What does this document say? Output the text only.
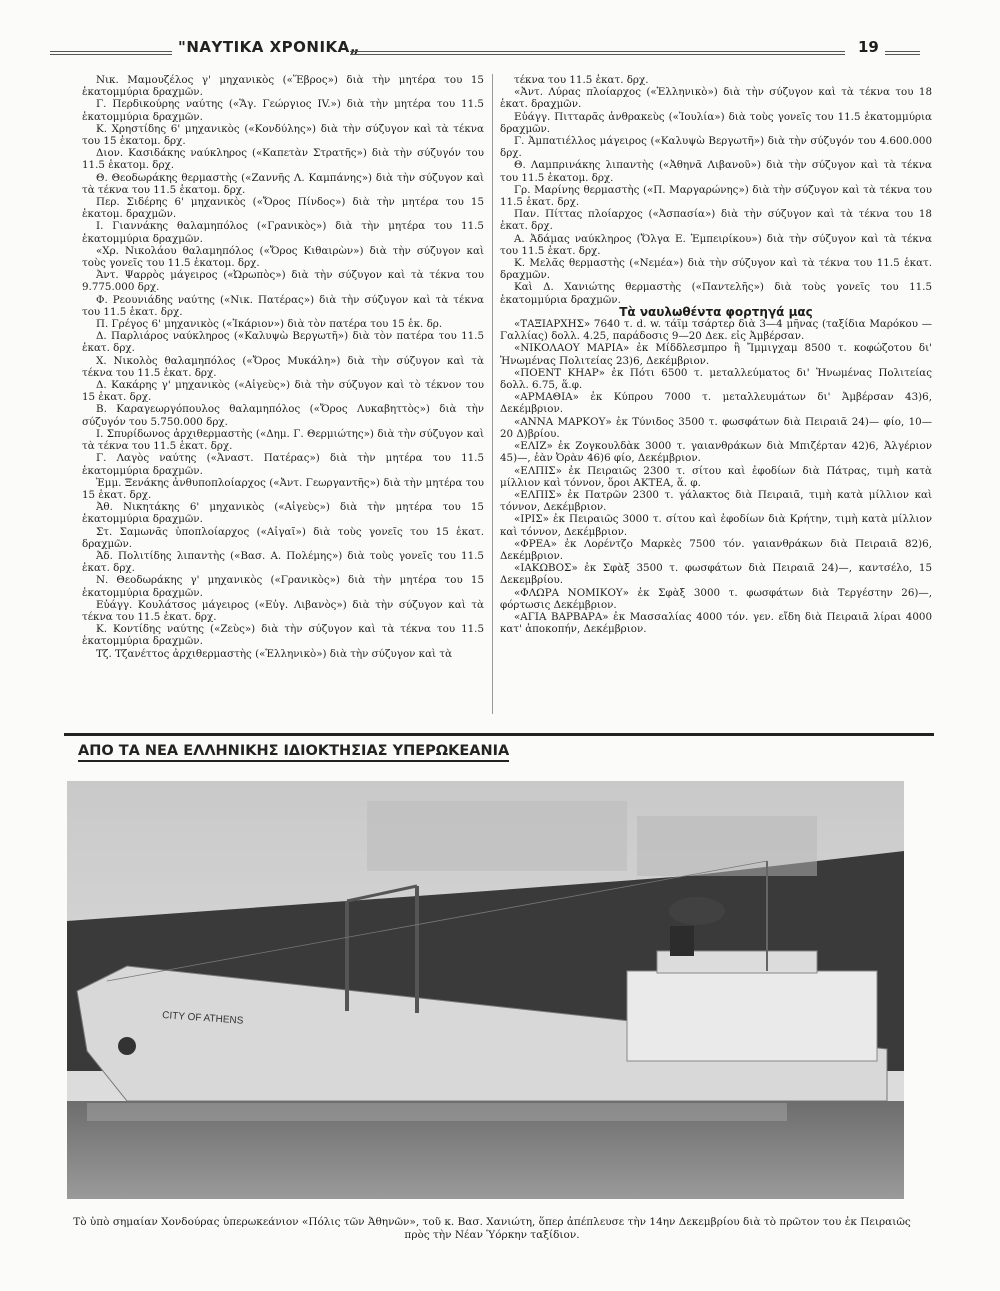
"ΝΑΥΤΙΚΑ ΧΡΟΝΙΚΑ„	19

Νικ. Μαμουζέλος γ' μηχανικὸς («Ἕβρος») διὰ τὴν μητέρα του 15 ἑκατομμύρια δραχμῶν.

Γ. Περδικούρης ναύτης («Ἅγ. Γεώργιος IV.») διὰ τὴν μητέρα του 11.5 ἑκατομμύρια δραχμῶν.

Κ. Χρηστίδης 6' μηχανικὸς («Κονδύλης») διὰ τὴν σύζυγον καὶ τὰ τέκνα του 15 ἑκατομ. δρχ.

Διον. Κασιδάκης ναύκληρος («Καπετὰν Στρατῆς») διὰ τὴν σύζυγόν του 11.5 ἑκατομ. δρχ.

Θ. Θεοδωράκης θερμαστὴς («Ζαννῆς Λ. Καμπάνης») διὰ τὴν σύζυγον καὶ τὰ τέκνα του 11.5 ἑκατομ. δρχ.

Περ. Σιδέρης 6' μηχανικὸς («Ὄρος Πίνδος») διὰ τὴν μητέρα του 15 ἑκατομ. δραχμῶν.

Ι. Γιαννάκης θαλαμηπόλος («Γρανικὸς») διὰ τὴν μητέρα του 11.5 ἑκατομμύρια δραχμῶν.

«Χρ. Νικολάου θαλαμηπόλος («Ὄρος Κιθαιρὼν») διὰ τὴν σύζυγον καὶ τοὺς γονεῖς του 11.5 ἑκατομ. δρχ.

Ἀντ. Ψαρρὸς μάγειρος («Ὠρωπὸς») διὰ τὴν σύζυγον καὶ τὰ τέκνα του 9.775.000 δρχ.

Φ. Ρεουνιάδης ναύτης («Νικ. Πατέρας») διὰ τὴν σύζυγον καὶ τὰ τέκνα του 11.5 ἑκατ. δρχ.

Π. Γρέγος 6' μηχανικὸς («Ἰκάριον») διὰ τὸν πατέρα του 15 ἑκ. δρ.

Δ. Παρλιάρος ναύκληρος («Καλυψὼ Βεργωτῆ») διὰ τὸν πατέρα του 11.5 ἑκατ. δρχ.

Χ. Νικολὸς θαλαμηπόλος («Ὄρος Μυκάλη») διὰ τὴν σύζυγον καὶ τὰ τέκνα του 11.5 ἑκατ. δρχ.

Δ. Κακάρης γ' μηχανικὸς («Αἰγεὺς») διὰ τὴν σύζυγον καὶ τὸ τέκνον του 15 ἑκατ. δρχ.

Β. Καραγεωργόπουλος θαλαμηπόλος («Ὄρος Λυκαβηττὸς») διὰ τὴν σύζυγόν του 5.750.000 δρχ.

Ι. Σπυρίδωνος ἀρχιθερμαστὴς («Δημ. Γ. Θερμιώτης») διὰ τὴν σύζυγον καὶ τὰ τέκνα του 11.5 ἑκατ. δρχ.

Γ. Λαγὸς ναύτης («Ἀναστ. Πατέρας») διὰ τὴν μητέρα του 11.5 ἑκατομμύρια δραχμῶν.

Ἐμμ. Ξενάκης ἀνθυποπλοίαρχος («Ἀντ. Γεωργαντῆς») διὰ τὴν μητέρα του 15 ἑκατ. δρχ.

Ἀθ. Νικητάκης 6' μηχανικὸς («Αἰγεὺς») διὰ τὴν μητέρα του 15 ἑκατομμύρια δραχμῶν.

Στ. Σαμωνᾶς ὑποπλοίαρχος («Αἰγαῖ») διὰ τοὺς γονεῖς του 15 ἑκατ. δραχμῶν.

Ἀδ. Πολιτίδης λιπαντὴς («Βασ. Α. Πολέμης») διὰ τοὺς γονεῖς του 11.5 ἑκατ. δρχ.

Ν. Θεοδωράκης γ' μηχανικὸς («Γρανικὸς») διὰ τὴν μητέρα του 15 ἑκατομμύρια δραχμῶν.

Εὐάγγ. Κουλάτσος μάγειρος («Εὐγ. Λιβανὸς») διὰ τὴν σύζυγον καὶ τὰ τέκνα του 11.5 ἑκατ. δρχ.

Κ. Κοντίδης ναύτης («Ζεὺς») διὰ τὴν σύζυγον καὶ τὰ τέκνα του 11.5 ἑκατομμύρια δραχμῶν.

Τζ. Τζανέττος ἀρχιθερμαστὴς («Ἑλληνικὸ») διὰ τὴν σύζυγον καὶ τὰ

τέκνα του 11.5 ἑκατ. δρχ.

«Ἀντ. Λύρας πλοίαρχος («Ἑλληνικὸ») διὰ τὴν σύζυγον καὶ τὰ τέκνα του 18 ἑκατ. δραχμῶν.

Εὐάγγ. Πιτταρᾶς ἀνθρακεὺς («Ἰουλία») διὰ τοὺς γονεῖς του 11.5 ἑκατομμύρια δραχμῶν.

Γ. Ἀμπατιέλλος μάγειρος («Καλυψὼ Βεργωτῆ») διὰ τὴν σύζυγόν του 4.600.000 δρχ.

Θ. Λαμπρινάκης λιπαντὴς («Ἀθηνᾶ Λιβανοῦ») διὰ τὴν σύζυγον καὶ τὰ τέκνα του 11.5 ἑκατομ. δρχ.

Γρ. Μαρίνης θερμαστὴς («Π. Μαργαρώνης») διὰ τὴν σύζυγον καὶ τὰ τέκνα του 11.5 ἑκατ. δρχ.

Παν. Πίττας πλοίαρχος («Ἀσπασία») διὰ τὴν σύζυγον καὶ τὰ τέκνα του 18 ἑκατ. δρχ.

Α. Ἀδάμας ναύκληρος (Ὄλγα Ε. Ἐμπειρίκου») διὰ τὴν σύζυγον καὶ τὰ τέκνα του 11.5 ἑκατ. δρχ.

Κ. Μελᾶς θερμαστὴς («Νεμέα») διὰ τὴν σύζυγον καὶ τὰ τέκνα του 11.5 ἑκατ. δραχμῶν.

Καὶ Δ. Χανιώτης θερμαστὴς («Παντελῆς») διὰ τοὺς γονεῖς του 11.5 ἑκατομμύρια δραχμῶν.

Τὰ ναυλωθέντα φορτηγά μας

«ΤΑΞΙΑΡΧΗΣ» 7640 τ. d. w. τάϊμ τσάρτερ διὰ 3—4 μῆνας (ταξίδια Μαρόκου — Γαλλίας) δολλ. 4.25, παράδοσις 9—20 Δεκ. εἰς Ἀμβέρσαν.

«ΝΙΚΟΛΑΟΥ ΜΑΡΙΑ» ἐκ Μίδδλεσμπρο ἢ Ἴμμιγχαμ 8500 τ. κοφώζοτου δι' Ἡνωμένας Πολιτείας 23)6, Δεκέμβριον.

«ΠΟΕΝΤ ΚΗΑΡ» ἐκ Πότι 6500 τ. μεταλλεύματος δι' Ἡνωμένας Πολιτείας δολλ. 6.75, ἅ.φ.

«ΑΡΜΑΘΙΑ» ἐκ Κύπρου 7000 τ. μεταλλευμάτων δι' Ἀμβέρσαν 43)6, Δεκέμβριον.

«ΑΝΝΑ ΜΑΡΚΟΥ» ἐκ Τύνιδος 3500 τ. φωσφάτων διὰ Πειραιᾶ 24)— φίο, 10—20 Δ)βρίου.

«ΕΛΙΖ» ἐκ Ζογκουλδὰκ 3000 τ. γαιανθράκων διὰ Μπιζέρταν 42)6, Ἀλγέριον 45)—, ἐὰν Ὀρὰν 46)6 φίο, Δεκέμβριον.

«ΕΛΠΙΣ» ἐκ Πειραιῶς 2300 τ. σίτου καὶ ἐφοδίων διὰ Πάτρας, τιμὴ κατὰ μίλλιον καὶ τόννον, ὅροι ΑΚΤΕΑ, ἅ. φ.

«ΕΛΠΙΣ» ἐκ Πατρῶν 2300 τ. γάλακτος διὰ Πειραιᾶ, τιμὴ κατὰ μίλλιον καὶ τόννον, Δεκέμβριον.

«ΙΡΙΣ» ἐκ Πειραιῶς 3000 τ. σίτου καὶ ἐφοδίων διὰ Κρήτην, τιμὴ κατὰ μίλλιον καὶ τόννον, Δεκέμβριον.

«ΦΡΕΑ» ἐκ Λορέντζο Μαρκὲς 7500 τόν. γαιανθράκων διὰ Πειραιᾶ 82)6, Δεκέμβριον.

«ΙΑΚΩΒΟΣ» ἐκ Σφὰξ 3500 τ. φωσφάτων διὰ Πειραιᾶ 24)—, καντσέλο, 15 Δεκεμβρίου.

«ΦΛΩΡΑ ΝΟΜΙΚΟΥ» ἐκ Σφὰξ 3000 τ. φωσφάτων διὰ Τεργέστην 26)—, φόρτωσις Δεκέμβριον.

«ΑΓΙΑ ΒΑΡΒΑΡΑ» ἐκ Μασσαλίας 4000 τόν. γεν. εἴδη διὰ Πειραιᾶ λίραι 4000 κατ' ἀποκοπήν, Δεκέμβριον.

ΑΠΟ ΤΑ ΝΕΑ ΕΛΛΗΝΙΚΗΣ ΙΔΙΟΚΤΗΣΙΑΣ ΥΠΕΡΩΚΕΑΝΙΑ
CITY OF ATHENS
Τὸ ὑπὸ σημαίαν Χονδούρας ὑπερωκεάνιον «Πόλις τῶν Ἀθηνῶν», τοῦ κ. Βασ. Χανιώτη, ὅπερ ἀπέπλευσε τὴν 14ην Δεκεμβρίου διὰ τὸ πρῶτον του ἐκ Πειραιῶς πρὸς τὴν Νέαν Ὑόρκην ταξίδιον.
